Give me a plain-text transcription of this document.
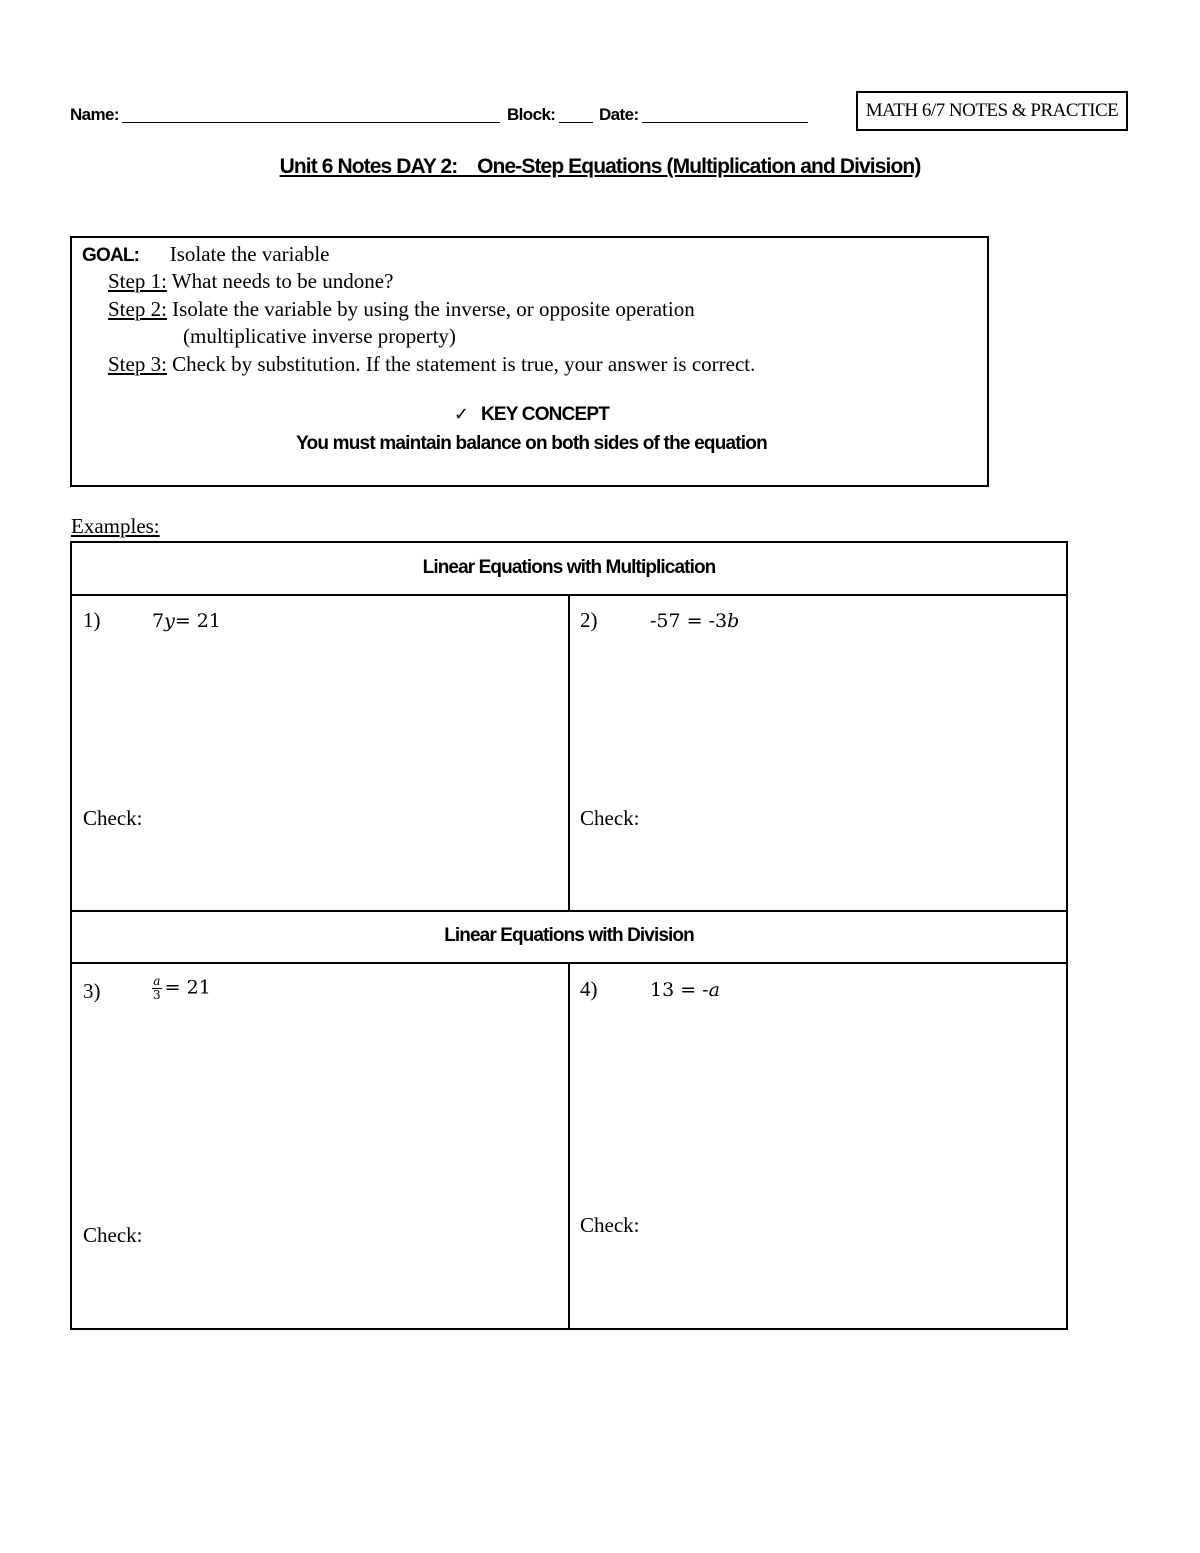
Name:	Block:	Date:	MATH 6/7 NOTES & PRACTICE
Unit 6 Notes DAY 2:    One-Step Equations (Multiplication and Division)
GOAL: Isolate the variable
Step 1: What needs to be undone?
Step 2: Isolate the variable by using the inverse, or opposite operation
(multiplicative inverse property)
Step 3: Check by substitution. If the statement is true, your answer is correct.
✓ KEY CONCEPT
You must maintain balance on both sides of the equation
Examples:
Linear Equations with Multiplication
1)	7y= 21
Check:
2)	-57 = -3b
Check:
Linear Equations with Division
3)	$\frac{a}{3} = 21$
Check:
4)	13 = -a
Check:
